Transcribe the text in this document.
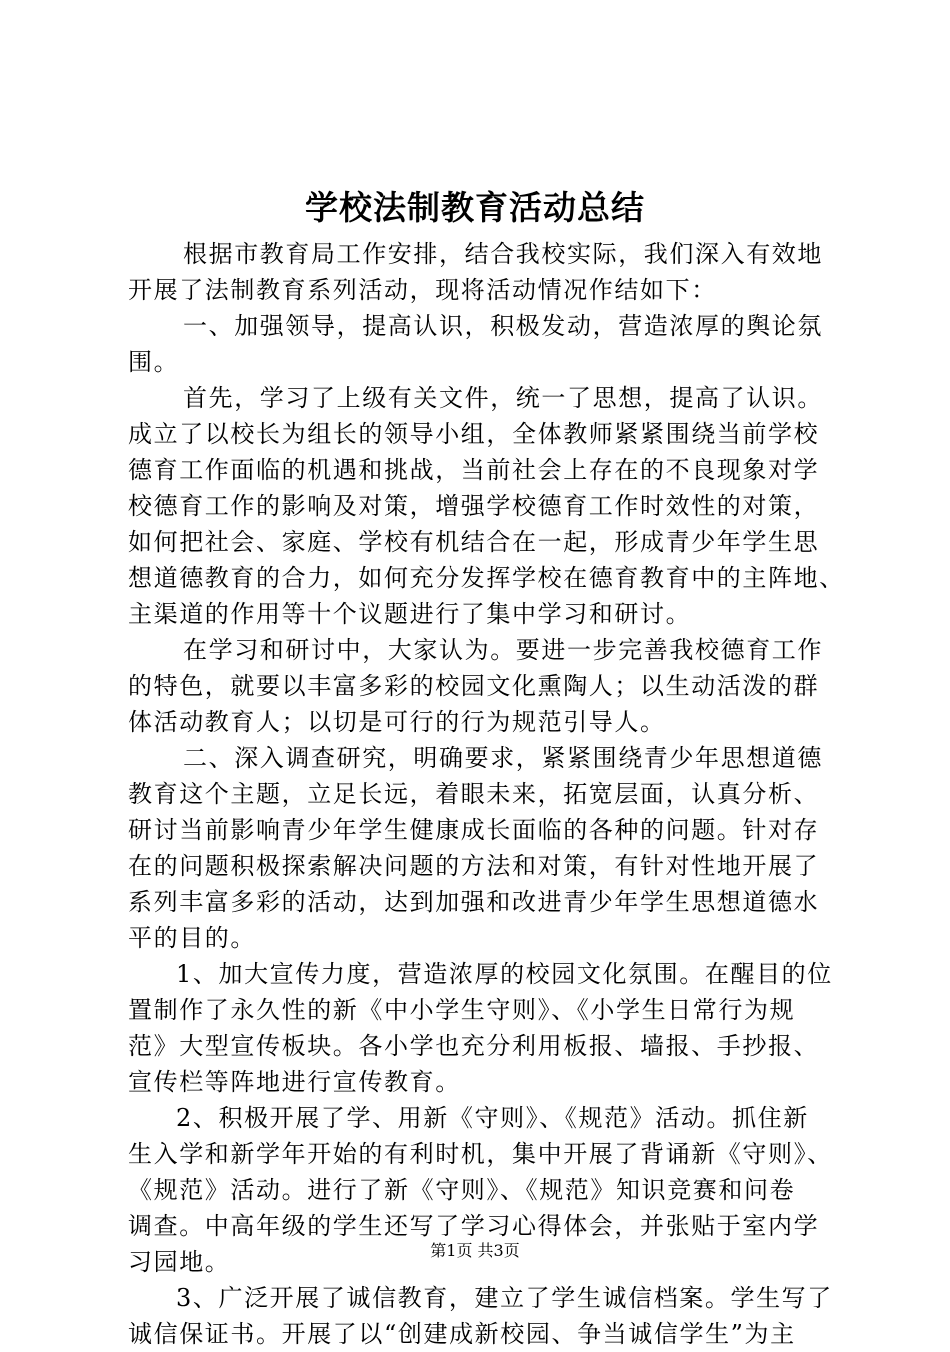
学校法制教育活动总结
根据市教育局工作安排，结合我校实际，我们深入有效地
开展了法制教育系列活动，现将活动情况作结如下：
一、加强领导，提高认识，积极发动，营造浓厚的舆论氛
围。
首先，学习了上级有关文件，统一了思想，提高了认识。
成立了以校长为组长的领导小组，全体教师紧紧围绕当前学校
德育工作面临的机遇和挑战，当前社会上存在的不良现象对学
校德育工作的影响及对策，增强学校德育工作时效性的对策，
如何把社会、家庭、学校有机结合在一起，形成青少年学生思
想道德教育的合力，如何充分发挥学校在德育教育中的主阵地、
主渠道的作用等十个议题进行了集中学习和研讨。
在学习和研讨中，大家认为。要进一步完善我校德育工作
的特色，就要以丰富多彩的校园文化熏陶人；以生动活泼的群
体活动教育人；以切是可行的行为规范引导人。
二、深入调查研究，明确要求，紧紧围绕青少年思想道德
教育这个主题，立足长远，着眼未来，拓宽层面，认真分析、
研讨当前影响青少年学生健康成长面临的各种的问题。针对存
在的问题积极探索解决问题的方法和对策，有针对性地开展了
系列丰富多彩的活动，达到加强和改进青少年学生思想道德水
平的目的。
1、加大宣传力度，营造浓厚的校园文化氛围。在醒目的位
置制作了永久性的新《中小学生守则》、《小学生日常行为规
范》大型宣传板块。各小学也充分利用板报、墙报、手抄报、
宣传栏等阵地进行宣传教育。
2、积极开展了学、用新《守则》、《规范》活动。抓住新
生入学和新学年开始的有利时机，集中开展了背诵新《守则》、
《规范》活动。进行了新《守则》、《规范》知识竞赛和问卷
调查。中高年级的学生还写了学习心得体会，并张贴于室内学
习园地。
3、广泛开展了诚信教育，建立了学生诚信档案。学生写了
诚信保证书。开展了以“创建成新校园、争当诚信学生”为主
第1页 共3页
